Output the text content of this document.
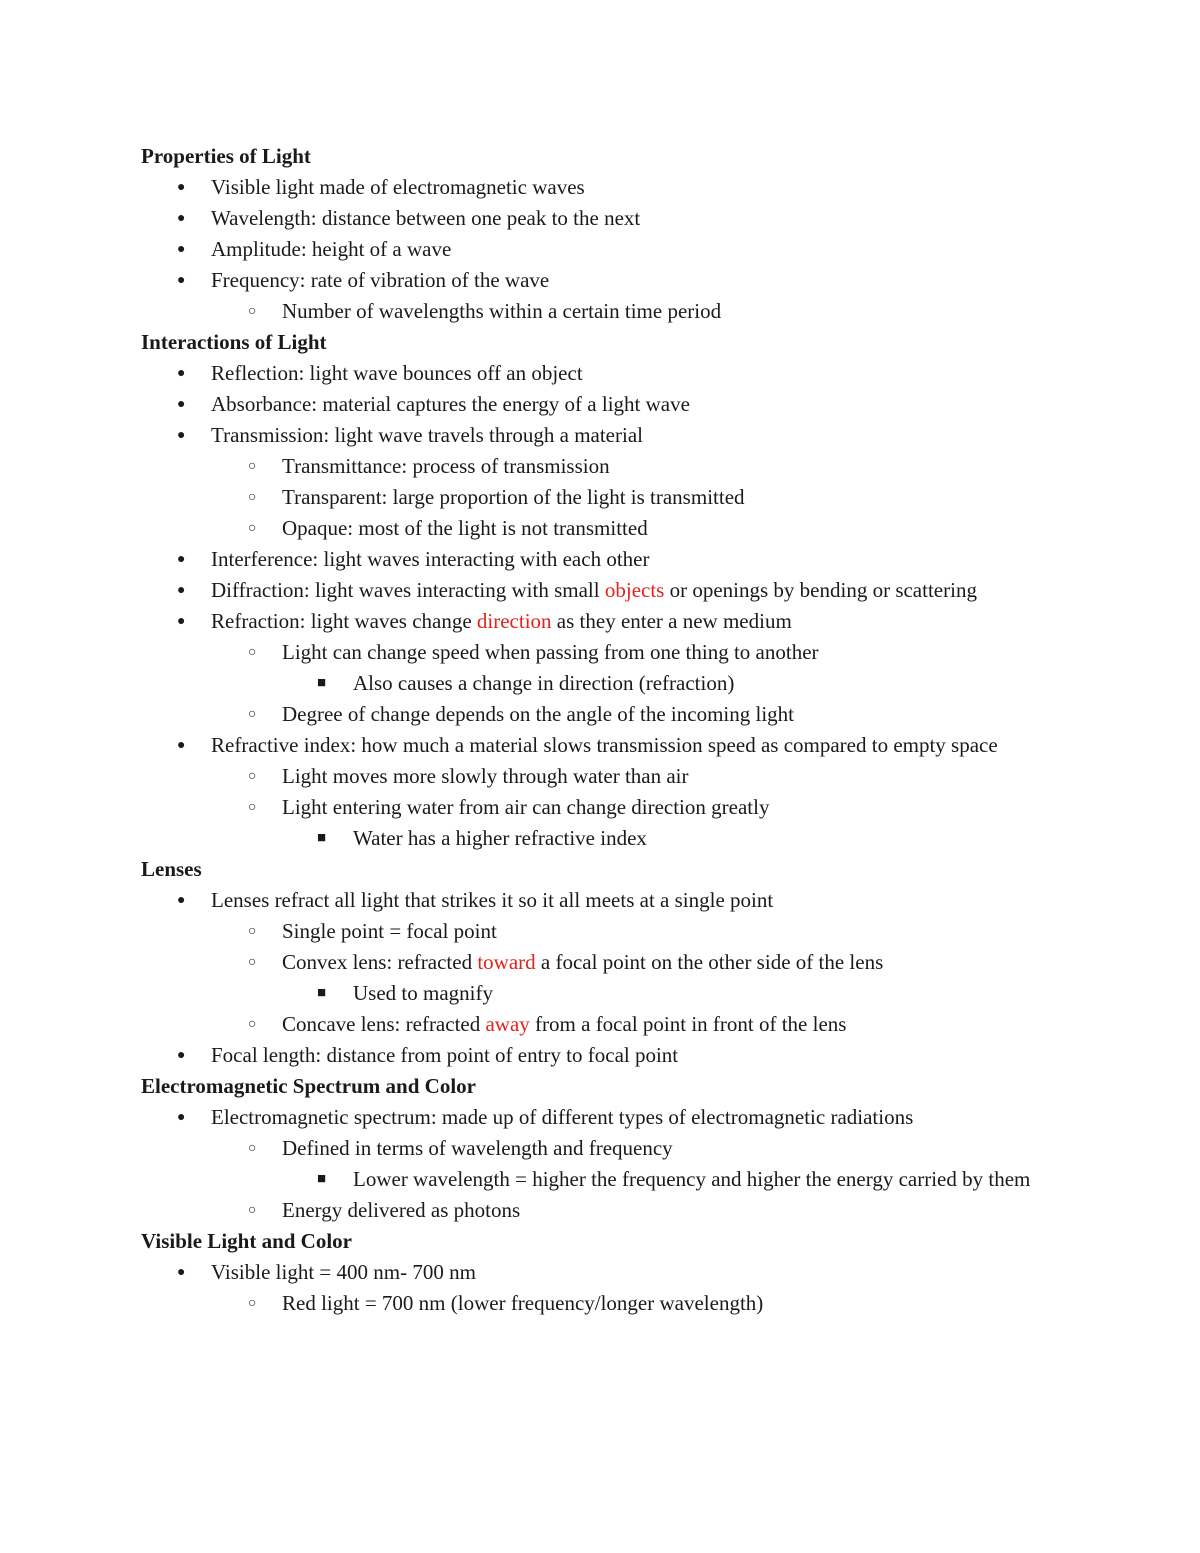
Properties of Light
● Visible light made of electromagnetic waves
● Wavelength: distance between one peak to the next
● Amplitude: height of a wave
● Frequency: rate of vibration of the wave
○ Number of wavelengths within a certain time period
Interactions of Light
● Reflection: light wave bounces off an object
● Absorbance: material captures the energy of a light wave
● Transmission: light wave travels through a material
○ Transmittance: process of transmission
○ Transparent: large proportion of the light is transmitted
○ Opaque: most of the light is not transmitted
● Interference: light waves interacting with each other
● Diffraction: light waves interacting with small objects or openings by bending or scattering
● Refraction: light waves change direction as they enter a new medium
○ Light can change speed when passing from one thing to another
■ Also causes a change in direction (refraction)
○ Degree of change depends on the angle of the incoming light
● Refractive index: how much a material slows transmission speed as compared to empty space
○ Light moves more slowly through water than air
○ Light entering water from air can change direction greatly
■ Water has a higher refractive index
Lenses
● Lenses refract all light that strikes it so it all meets at a single point
○ Single point = focal point
○ Convex lens: refracted toward a focal point on the other side of the lens
■ Used to magnify
○ Concave lens: refracted away from a focal point in front of the lens
● Focal length: distance from point of entry to focal point
Electromagnetic Spectrum and Color
● Electromagnetic spectrum: made up of different types of electromagnetic radiations
○ Defined in terms of wavelength and frequency
■ Lower wavelength = higher the frequency and higher the energy carried by them
○ Energy delivered as photons
Visible Light and Color
● Visible light = 400 nm- 700 nm
○ Red light = 700 nm (lower frequency/longer wavelength)
